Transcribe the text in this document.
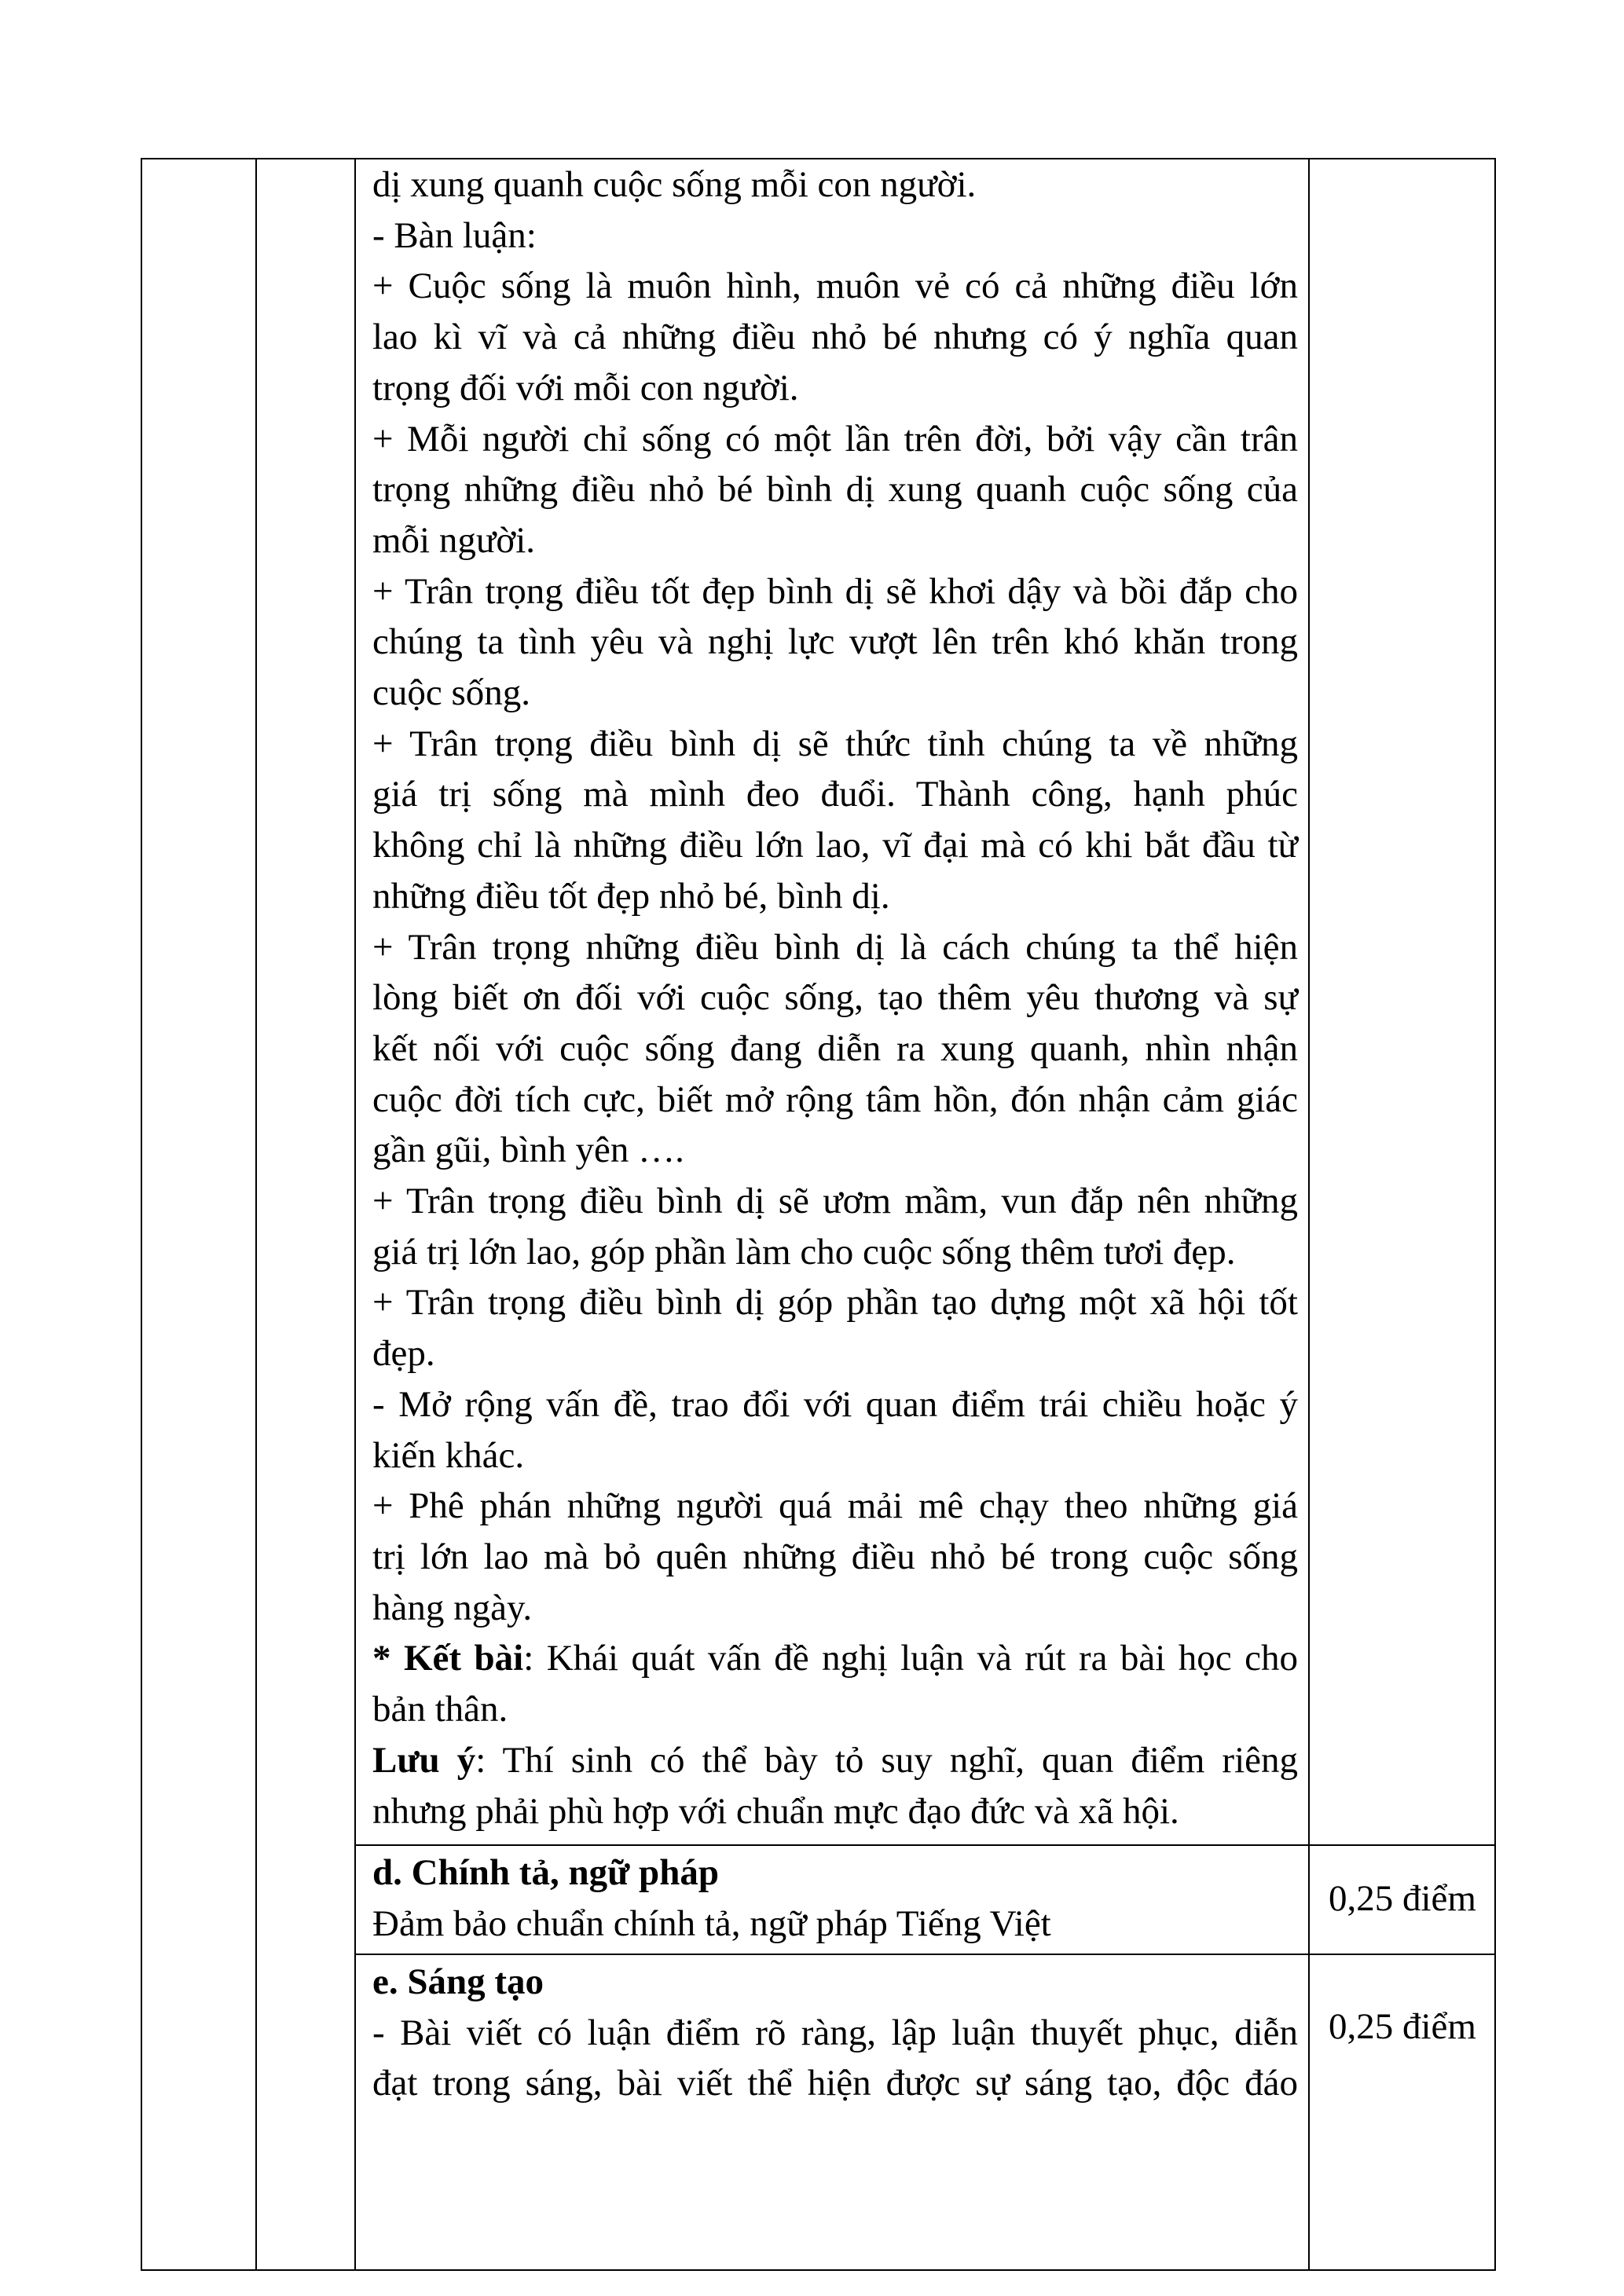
dị xung quanh cuộc sống mỗi con người.
- Bàn luận:
+ Cuộc sống là muôn hình, muôn vẻ có cả những điều lớn
lao kì vĩ và cả những điều nhỏ bé nhưng có ý nghĩa quan
trọng đối với mỗi con người.
+ Mỗi người chỉ sống có một lần trên đời, bởi vậy cần trân
trọng những điều nhỏ bé bình dị xung quanh cuộc sống của
mỗi người.
+ Trân trọng điều tốt đẹp bình dị sẽ khơi dậy và bồi đắp cho
chúng ta tình yêu và nghị lực vượt lên trên khó khăn trong
cuộc sống.
+ Trân trọng điều bình dị sẽ thức tỉnh chúng ta về những
giá trị sống mà mình đeo đuổi. Thành công, hạnh phúc
không chỉ là những điều lớn lao, vĩ đại mà có khi bắt đầu từ
những điều tốt đẹp nhỏ bé, bình dị.
+ Trân trọng những điều bình dị là cách chúng ta thể hiện
lòng biết ơn đối với cuộc sống, tạo thêm yêu thương và sự
kết nối với cuộc sống đang diễn ra xung quanh, nhìn nhận
cuộc đời tích cực, biết mở rộng tâm hồn, đón nhận cảm giác
gần gũi, bình yên ….
+ Trân trọng điều bình dị sẽ ươm mầm, vun đắp nên những
giá trị lớn lao, góp phần làm cho cuộc sống thêm tươi đẹp.
+ Trân trọng điều bình dị góp phần tạo dựng một xã hội tốt
đẹp.
- Mở rộng vấn đề, trao đổi với quan điểm trái chiều hoặc ý
kiến khác.
+ Phê phán những người quá mải mê chạy theo những giá
trị lớn lao mà bỏ quên những điều nhỏ bé trong cuộc sống
hàng ngày.
* Kết bài: Khái quát vấn đề nghị luận và rút ra bài học cho
bản thân.
Lưu ý: Thí sinh có thể bày tỏ suy nghĩ, quan điểm riêng
nhưng phải phù hợp với chuẩn mực đạo đức và xã hội.
d. Chính tả, ngữ pháp
Đảm bảo chuẩn chính tả, ngữ pháp Tiếng Việt
0,25 điểm
e. Sáng tạo
- Bài viết có luận điểm rõ ràng, lập luận thuyết phục, diễn
đạt trong sáng, bài viết thể hiện được sự sáng tạo, độc đáo
0,25 điểm
